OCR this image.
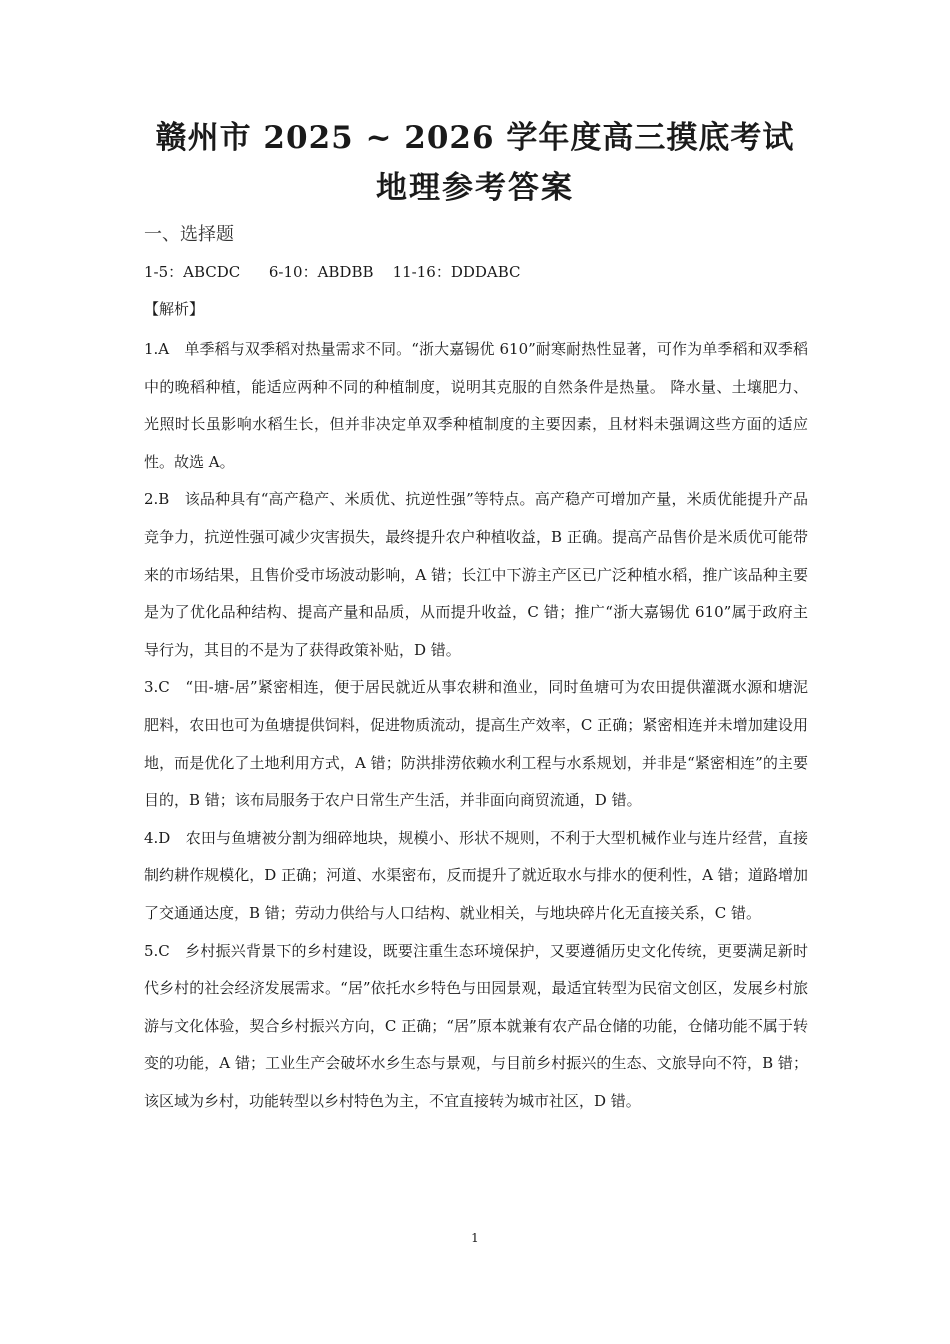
赣州市 2025 ~ 2026 学年度高三摸底考试
地理参考答案
一、选择题
1-5：ABCDC      6-10：ABDBB    11-16：DDDABC
【解析】

1.A　单季稻与双季稻对热量需求不同。“浙大嘉锡优 610”耐寒耐热性显著，可作为单季稻和双季稻中的晚稻种植，能适应两种不同的种植制度，说明其克服的自然条件是热量。 降水量、土壤肥力、光照时长虽影响水稻生长，但并非决定单双季种植制度的主要因素，且材料未强调这些方面的适应性。故选 A。

2.B　该品种具有“高产稳产、米质优、抗逆性强”等特点。高产稳产可增加产量，米质优能提升产品竞争力，抗逆性强可减少灾害损失，最终提升农户种植收益，B 正确。提高产品售价是米质优可能带来的市场结果，且售价受市场波动影响，A 错；长江中下游主产区已广泛种植水稻，推广该品种主要是为了优化品种结构、提高产量和品质，从而提升收益，C 错；推广“浙大嘉锡优 610”属于政府主导行为，其目的不是为了获得政策补贴，D 错。

3.C　“田-塘-居”紧密相连，便于居民就近从事农耕和渔业，同时鱼塘可为农田提供灌溉水源和塘泥肥料，农田也可为鱼塘提供饲料，促进物质流动，提高生产效率，C 正确；紧密相连并未增加建设用地，而是优化了土地利用方式，A 错；防洪排涝依赖水利工程与水系规划，并非是“紧密相连”的主要目的，B 错；该布局服务于农户日常生产生活，并非面向商贸流通，D 错。

4.D　农田与鱼塘被分割为细碎地块，规模小、形状不规则，不利于大型机械作业与连片经营，直接制约耕作规模化，D 正确；河道、水渠密布，反而提升了就近取水与排水的便利性，A 错；道路增加了交通通达度，B 错；劳动力供给与人口结构、就业相关，与地块碎片化无直接关系，C 错。

5.C　乡村振兴背景下的乡村建设，既要注重生态环境保护，又要遵循历史文化传统，更要满足新时代乡村的社会经济发展需求。“居”依托水乡特色与田园景观，最适宜转型为民宿文创区，发展乡村旅游与文化体验，契合乡村振兴方向，C 正确；“居”原本就兼有农产品仓储的功能，仓储功能不属于转变的功能，A 错；工业生产会破坏水乡生态与景观，与目前乡村振兴的生态、文旅导向不符，B 错；该区域为乡村，功能转型以乡村特色为主，不宜直接转为城市社区，D 错。

1
